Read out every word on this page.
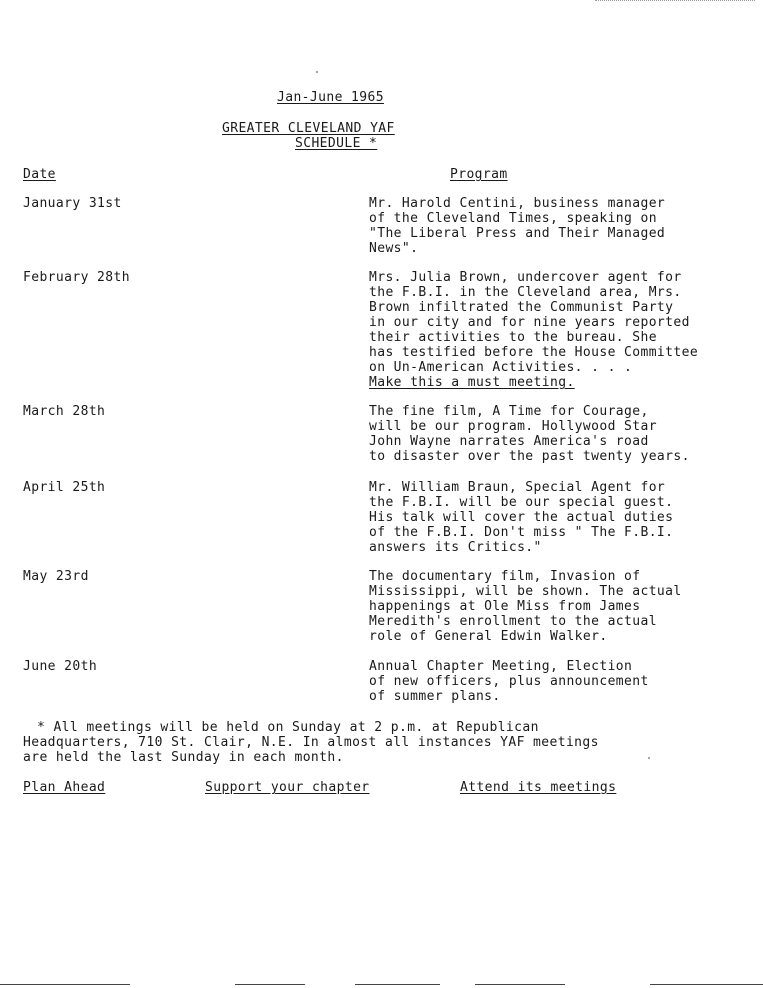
Jan-June 1965
GREATER CLEVELAND YAF
SCHEDULE *
Date	Program
January 31st	Mr. Harold Centini, business manager
of the Cleveland Times, speaking on
"The Liberal Press and Their Managed
News".
February 28th	Mrs. Julia Brown, undercover agent for
the F.B.I. in the Cleveland area, Mrs.
Brown infiltrated the Communist Party
in our city and for nine years reported
their activities to the bureau. She
has testified before the House Committee
on Un-American Activities. . . .
Make this a must meeting.
March 28th	The fine film, A Time for Courage,
will be our program. Hollywood Star
John Wayne narrates America's road
to disaster over the past twenty years.
April 25th	Mr. William Braun, Special Agent for
the F.B.I. will be our special guest.
His talk will cover the actual duties
of the F.B.I. Don't miss " The F.B.I.
answers its Critics."
May 23rd	The documentary film, Invasion of
Mississippi, will be shown. The actual
happenings at Ole Miss from James
Meredith's enrollment to the actual
role of General Edwin Walker.
June 20th	Annual Chapter Meeting, Election
of new officers, plus announcement
of summer plans.
* All meetings will be held on Sunday at 2 p.m. at Republican
Headquarters, 710 St. Clair, N.E. In almost all instances YAF meetings
are held the last Sunday in each month.
Plan Ahead	Support your chapter	Attend its meetings
